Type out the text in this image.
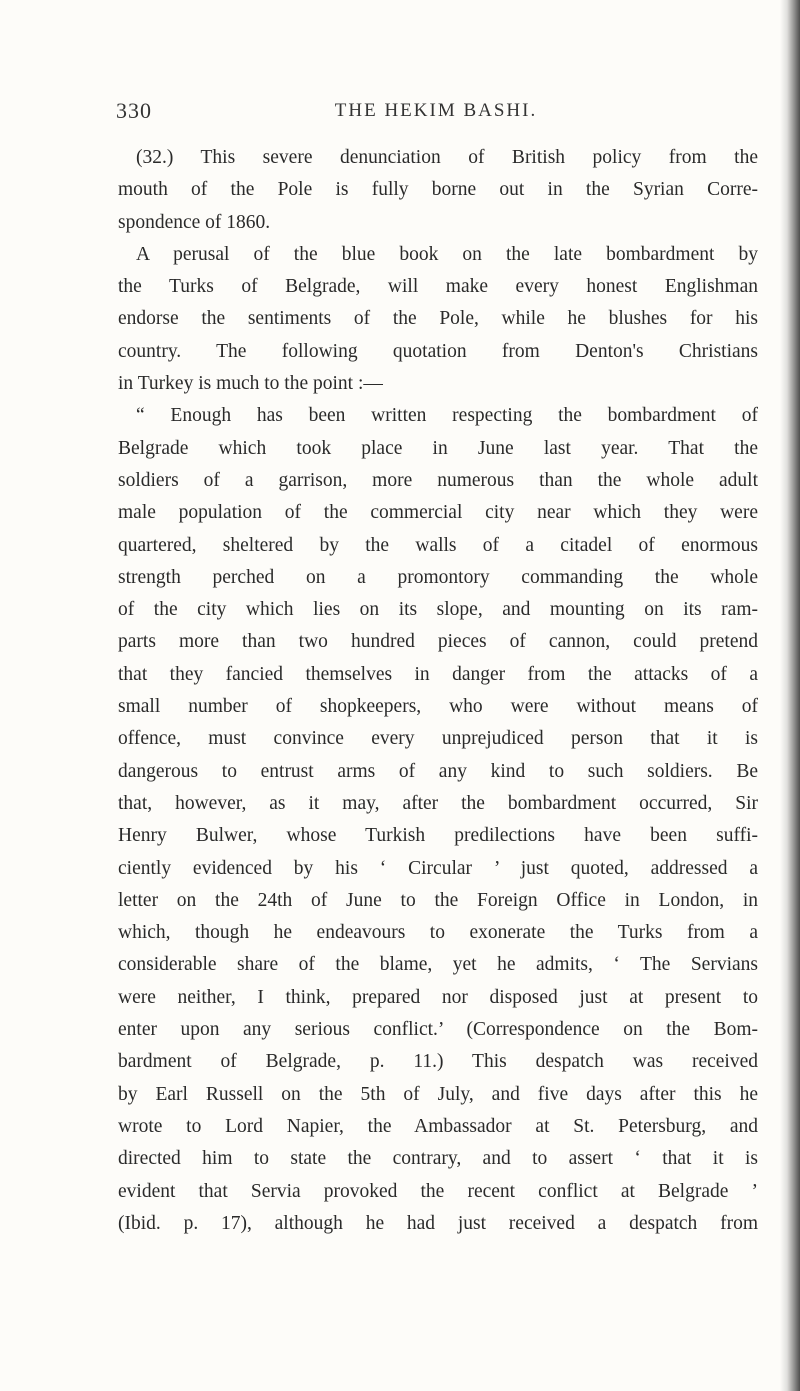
330	THE HEKIM BASHI.
(32.) This severe denunciation of British policy from the
mouth of the Pole is fully borne out in the Syrian Corre-
spondence of 1860.
A perusal of the blue book on the late bombardment by
the Turks of Belgrade, will make every honest Englishman
endorse the sentiments of the Pole, while he blushes for his
country. The following quotation from Denton's Christians
in Turkey is much to the point :—
“ Enough has been written respecting the bombardment of
Belgrade which took place in June last year. That the
soldiers of a garrison, more numerous than the whole adult
male population of the commercial city near which they were
quartered, sheltered by the walls of a citadel of enormous
strength perched on a promontory commanding the whole
of the city which lies on its slope, and mounting on its ram-
parts more than two hundred pieces of cannon, could pretend
that they fancied themselves in danger from the attacks of a
small number of shopkeepers, who were without means of
offence, must convince every unprejudiced person that it is
dangerous to entrust arms of any kind to such soldiers. Be
that, however, as it may, after the bombardment occurred, Sir
Henry Bulwer, whose Turkish predilections have been suffi-
ciently evidenced by his ‘ Circular ’ just quoted, addressed a
letter on the 24th of June to the Foreign Office in London, in
which, though he endeavours to exonerate the Turks from a
considerable share of the blame, yet he admits, ‘ The Servians
were neither, I think, prepared nor disposed just at present to
enter upon any serious conflict.’ (Correspondence on the Bom-
bardment of Belgrade, p. 11.) This despatch was received
by Earl Russell on the 5th of July, and five days after this he
wrote to Lord Napier, the Ambassador at St. Petersburg, and
directed him to state the contrary, and to assert ‘ that it is
evident that Servia provoked the recent conflict at Belgrade ’
(Ibid. p. 17), although he had just received a despatch from
